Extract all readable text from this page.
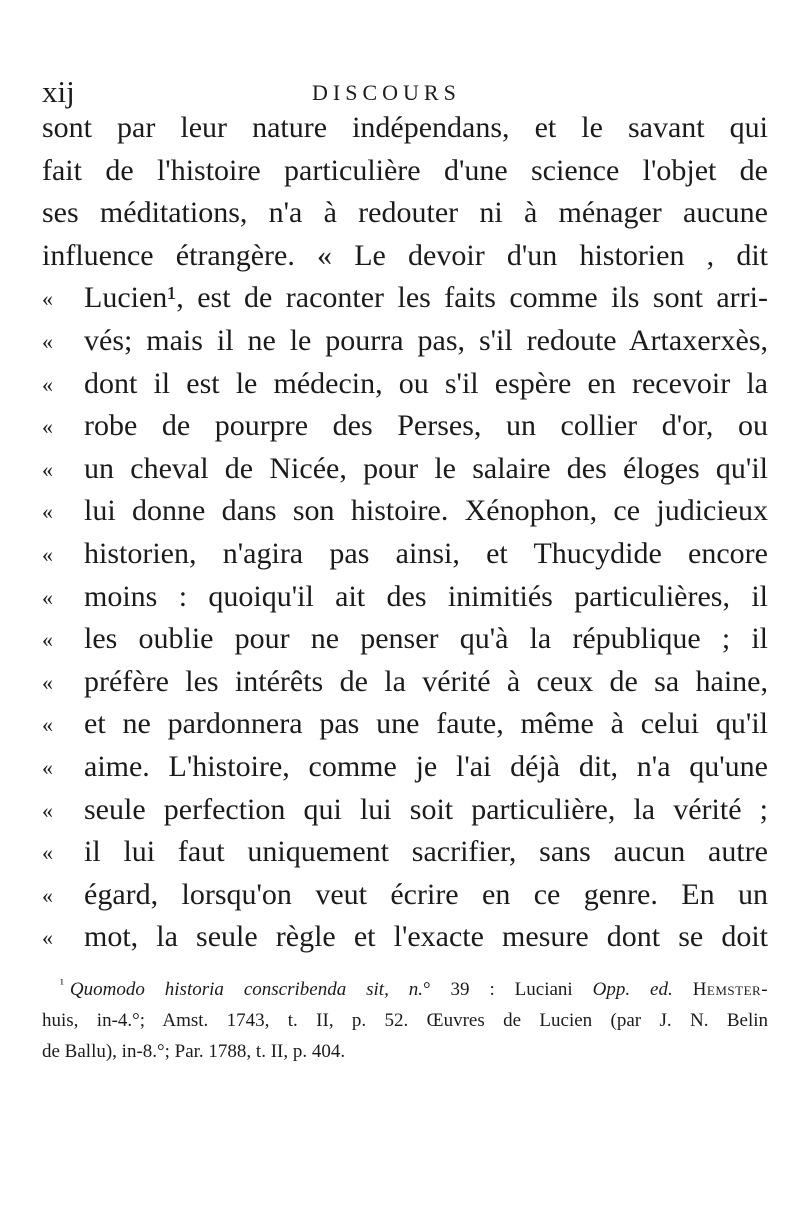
xij	DISCOURS
sont par leur nature indépendans, et le savant qui
fait de l'histoire particulière d'une science l'objet de
ses méditations, n'a à redouter ni à ménager aucune
influence étrangère. « Le devoir d'un historien , dit
« Lucien¹, est de raconter les faits comme ils sont arri-
« vés; mais il ne le pourra pas, s'il redoute Artaxerxès,
« dont il est le médecin, ou s'il espère en recevoir la
« robe de pourpre des Perses, un collier d'or, ou
« un cheval de Nicée, pour le salaire des éloges qu'il
« lui donne dans son histoire. Xénophon, ce judicieux
« historien, n'agira pas ainsi, et Thucydide encore
« moins : quoiqu'il ait des inimitiés particulières, il
« les oublie pour ne penser qu'à la république ; il
« préfère les intérêts de la vérité à ceux de sa haine,
« et ne pardonnera pas une faute, même à celui qu'il
« aime. L'histoire, comme je l'ai déjà dit, n'a qu'une
« seule perfection qui lui soit particulière, la vérité ;
« il lui faut uniquement sacrifier, sans aucun autre
« égard, lorsqu'on veut écrire en ce genre. En un
« mot, la seule règle et l'exacte mesure dont se doit
$^{^1}$ Quomodo historia conscribenda sit, n.° 39 : Luciani Opp. ed. Hemster-
huis, in-4.°; Amst. 1743, t. II, p. 52. Œuvres de Lucien (par J. N. Belin
de Ballu), in-8.°; Par. 1788, t. II, p. 404.
